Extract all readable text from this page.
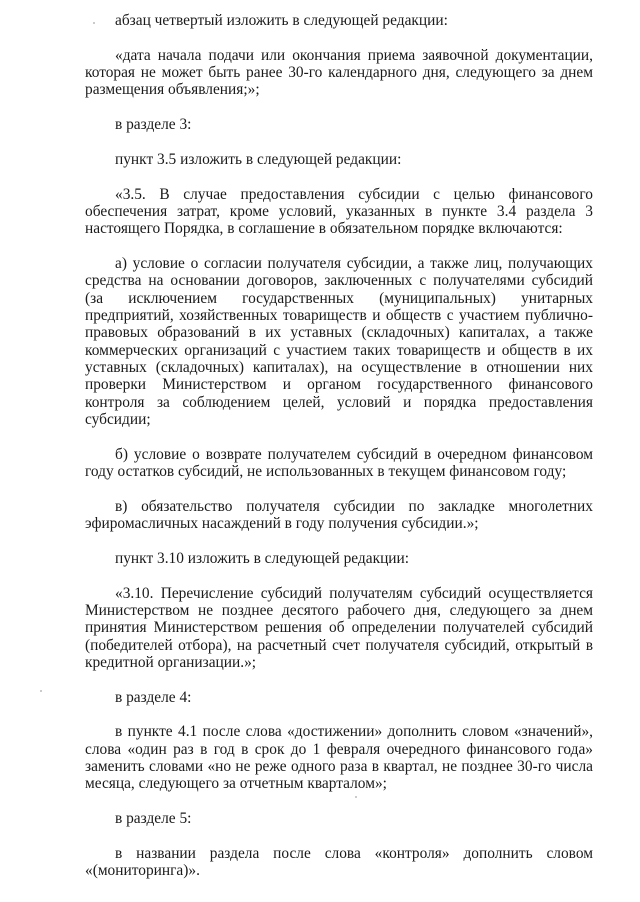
абзац четвертый изложить в следующей редакции:

«дата начала подачи или окончания приема заявочной документации, которая не может быть ранее 30-го календарного дня, следующего за днем размещения объявления;»;

в разделе 3:

пункт 3.5 изложить в следующей редакции:

«3.5. В случае предоставления субсидии с целью финансового обеспечения затрат, кроме условий, указанных в пункте 3.4 раздела 3 настоящего Порядка, в соглашение в обязательном порядке включаются:

а) условие о согласии получателя субсидии, а также лиц, получающих средства на основании договоров, заключенных с получателями субсидий (за исключением государственных (муниципальных) унитарных предприятий, хозяйственных товариществ и обществ с участием публично-правовых образований в их уставных (складочных) капиталах, а также коммерческих организаций с участием таких товариществ и обществ в их уставных (складочных) капиталах), на осуществление в отношении них проверки Министерством и органом государственного финансового контроля за соблюдением целей, условий и порядка предоставления субсидии;

б) условие о возврате получателем субсидий в очередном финансовом году остатков субсидий, не использованных в текущем финансовом году;

в) обязательство получателя субсидии по закладке многолетних эфиромасличных насаждений в году получения субсидии.»;

пункт 3.10 изложить в следующей редакции:

«3.10. Перечисление субсидий получателям субсидий осуществляется Министерством не позднее десятого рабочего дня, следующего за днем принятия Министерством решения об определении получателей субсидий (победителей отбора), на расчетный счет получателя субсидий, открытый в кредитной организации.»;

в разделе 4:

в пункте 4.1 после слова «достижении» дополнить словом «значений», слова «один раз в год в срок до 1 февраля очередного финансового года» заменить словами «но не реже одного раза в квартал, не позднее 30-го числа месяца, следующего за отчетным кварталом»;

в разделе 5:

в названии раздела после слова «контроля» дополнить словом «(мониторинга)».
